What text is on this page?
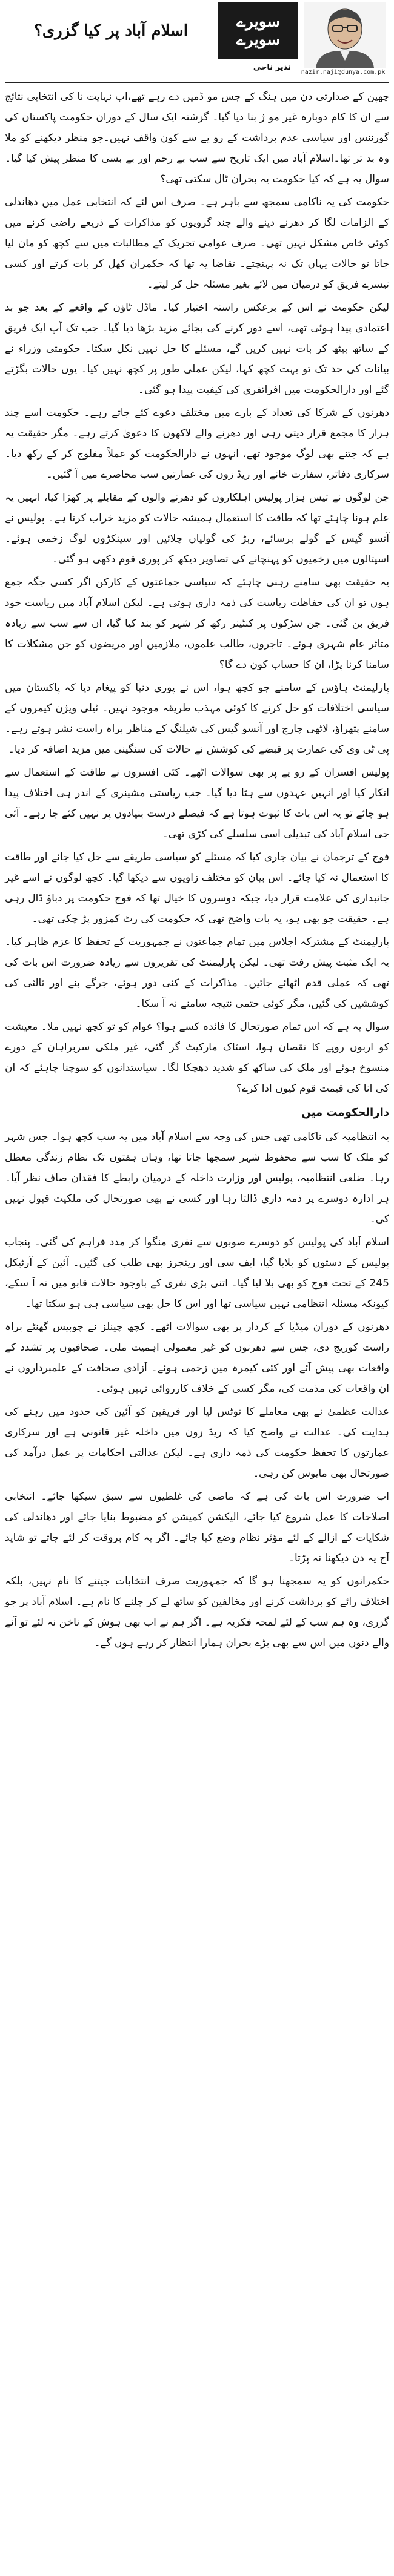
nazir.naji@dunya.com.pk
سویرے
سویرے
نذیر ناجی
اسلام آباد پر کیا گزری؟

چھپن کے صدارتی دن میں ہنگ کے جس مو ڈمیں دے رہے تھے،اب نہایت نا کی انتخابی نتائج سے ان کا کام دوبارہ غیر مو ژ بنا دیا گیا۔ گزشتہ ایک سال کے دوران حکومت پاکستان کی گورننس اور سیاسی عدم برداشت کے رو یے سے کون واقف نہیں۔جو منظر دیکھنے کو ملا وہ بد تر تھا۔اسلام آباد میں ایک تاریخ سے سب بے رحم اور بے بسی کا منظر پیش کیا گیا۔سوال یہ ہے کہ کیا حکومت یہ بحران ٹال سکتی تھی؟

حکومت کی یہ ناکامی سمجھ سے باہر ہے۔ صرف اس لئے کہ انتخابی عمل میں دھاندلی کے الزامات لگا کر دھرنے دینے والے چند گروپوں کو مذاکرات کے ذریعے راضی کرنے میں کوئی خاص مشکل نہیں تھی۔ صرف عوامی تحریک کے مطالبات میں سے کچھ کو مان لیا جاتا تو حالات یہاں تک نہ پہنچتے۔ تقاضا یہ تھا کہ حکمران کھل کر بات کرتے اور کسی تیسرے فریق کو درمیان میں لائے بغیر مسئلہ حل کر لیتے۔

لیکن حکومت نے اس کے برعکس راستہ اختیار کیا۔ ماڈل ٹاؤن کے واقعے کے بعد جو بد اعتمادی پیدا ہوئی تھی، اسے دور کرنے کی بجائے مزید بڑھا دیا گیا۔ جب تک آپ ایک فریق کے ساتھ بیٹھ کر بات نہیں کریں گے، مسئلے کا حل نہیں نکل سکتا۔ حکومتی وزراء نے بیانات کی حد تک تو بہت کچھ کہا، لیکن عملی طور پر کچھ نہیں کیا۔ یوں حالات بگڑتے گئے اور دارالحکومت میں افراتفری کی کیفیت پیدا ہو گئی۔

دھرنوں کے شرکا کی تعداد کے بارے میں مختلف دعوے کئے جاتے رہے۔ حکومت اسے چند ہزار کا مجمع قرار دیتی رہی اور دھرنے والے لاکھوں کا دعویٰ کرتے رہے۔ مگر حقیقت یہ ہے کہ جتنے بھی لوگ موجود تھے، انہوں نے دارالحکومت کو عملاً مفلوج کر کے رکھ دیا۔ سرکاری دفاتر، سفارت خانے اور ریڈ زون کی عمارتیں سب محاصرے میں آ گئیں۔

جن لوگوں نے تیس ہزار پولیس اہلکاروں کو دھرنے والوں کے مقابلے پر کھڑا کیا، انہیں یہ علم ہونا چاہئے تھا کہ طاقت کا استعمال ہمیشہ حالات کو مزید خراب کرتا ہے۔ پولیس نے آنسو گیس کے گولے برسائے، ربڑ کی گولیاں چلائیں اور سینکڑوں لوگ زخمی ہوئے۔ اسپتالوں میں زخمیوں کو پہنچانے کی تصاویر دیکھ کر پوری قوم دکھی ہو گئی۔

یہ حقیقت بھی سامنے رہنی چاہئے کہ سیاسی جماعتوں کے کارکن اگر کسی جگہ جمع ہوں تو ان کی حفاظت ریاست کی ذمہ داری ہوتی ہے۔ لیکن اسلام آباد میں ریاست خود فریق بن گئی۔ جن سڑکوں پر کنٹینر رکھ کر شہر کو بند کیا گیا، ان سے سب سے زیادہ متاثر عام شہری ہوئے۔ تاجروں، طالب علموں، ملازمین اور مریضوں کو جن مشکلات کا سامنا کرنا پڑا، ان کا حساب کون دے گا؟

پارلیمنٹ ہاؤس کے سامنے جو کچھ ہوا، اس نے پوری دنیا کو پیغام دیا کہ پاکستان میں سیاسی اختلافات کو حل کرنے کا کوئی مہذب طریقہ موجود نہیں۔ ٹیلی ویژن کیمروں کے سامنے پتھراؤ، لاٹھی چارج اور آنسو گیس کی شیلنگ کے مناظر براہ راست نشر ہوتے رہے۔ پی ٹی وی کی عمارت پر قبضے کی کوشش نے حالات کی سنگینی میں مزید اضافہ کر دیا۔

پولیس افسران کے رو یے پر بھی سوالات اٹھے۔ کئی افسروں نے طاقت کے استعمال سے انکار کیا اور انہیں عہدوں سے ہٹا دیا گیا۔ جب ریاستی مشینری کے اندر ہی اختلاف پیدا ہو جائے تو یہ اس بات کا ثبوت ہوتا ہے کہ فیصلے درست بنیادوں پر نہیں کئے جا رہے۔ آئی جی اسلام آباد کی تبدیلی اسی سلسلے کی کڑی تھی۔

فوج کے ترجمان نے بیان جاری کیا کہ مسئلے کو سیاسی طریقے سے حل کیا جائے اور طاقت کا استعمال نہ کیا جائے۔ اس بیان کو مختلف زاویوں سے دیکھا گیا۔ کچھ لوگوں نے اسے غیر جانبداری کی علامت قرار دیا، جبکہ دوسروں کا خیال تھا کہ فوج حکومت پر دباؤ ڈال رہی ہے۔ حقیقت جو بھی ہو، یہ بات واضح تھی کہ حکومت کی رٹ کمزور پڑ چکی تھی۔

پارلیمنٹ کے مشترکہ اجلاس میں تمام جماعتوں نے جمہوریت کے تحفظ کا عزم ظاہر کیا۔ یہ ایک مثبت پیش رفت تھی۔ لیکن پارلیمنٹ کی تقریروں سے زیادہ ضرورت اس بات کی تھی کہ عملی قدم اٹھائے جائیں۔ مذاکرات کے کئی دور ہوئے، جرگے بنے اور ثالثی کی کوششیں کی گئیں، مگر کوئی حتمی نتیجہ سامنے نہ آ سکا۔

سوال یہ ہے کہ اس تمام صورتحال کا فائدہ کسے ہوا؟ عوام کو تو کچھ نہیں ملا۔ معیشت کو اربوں روپے کا نقصان ہوا، اسٹاک مارکیٹ گر گئی، غیر ملکی سربراہان کے دورے منسوخ ہوئے اور ملک کی ساکھ کو شدید دھچکا لگا۔ سیاستدانوں کو سوچنا چاہئے کہ ان کی انا کی قیمت قوم کیوں ادا کرے؟

دارالحکومت میں

یہ انتظامیہ کی ناکامی تھی جس کی وجہ سے اسلام آباد میں یہ سب کچھ ہوا۔ جس شہر کو ملک کا سب سے محفوظ شہر سمجھا جاتا تھا، وہاں ہفتوں تک نظام زندگی معطل رہا۔ ضلعی انتظامیہ، پولیس اور وزارت داخلہ کے درمیان رابطے کا فقدان صاف نظر آیا۔ ہر ادارہ دوسرے پر ذمہ داری ڈالتا رہا اور کسی نے بھی صورتحال کی ملکیت قبول نہیں کی۔

اسلام آباد کی پولیس کو دوسرے صوبوں سے نفری منگوا کر مدد فراہم کی گئی۔ پنجاب پولیس کے دستوں کو بلایا گیا، ایف سی اور رینجرز بھی طلب کی گئیں۔ آئین کے آرٹیکل 245 کے تحت فوج کو بھی بلا لیا گیا۔ اتنی بڑی نفری کے باوجود حالات قابو میں نہ آ سکے، کیونکہ مسئلہ انتظامی نہیں سیاسی تھا اور اس کا حل بھی سیاسی ہی ہو سکتا تھا۔

دھرنوں کے دوران میڈیا کے کردار پر بھی سوالات اٹھے۔ کچھ چینلز نے چوبیس گھنٹے براہ راست کوریج دی، جس سے دھرنوں کو غیر معمولی اہمیت ملی۔ صحافیوں پر تشدد کے واقعات بھی پیش آئے اور کئی کیمرہ مین زخمی ہوئے۔ آزادی صحافت کے علمبرداروں نے ان واقعات کی مذمت کی، مگر کسی کے خلاف کارروائی نہیں ہوئی۔

عدالت عظمیٰ نے بھی معاملے کا نوٹس لیا اور فریقین کو آئین کی حدود میں رہنے کی ہدایت کی۔ عدالت نے واضح کیا کہ ریڈ زون میں داخلہ غیر قانونی ہے اور سرکاری عمارتوں کا تحفظ حکومت کی ذمہ داری ہے۔ لیکن عدالتی احکامات پر عمل درآمد کی صورتحال بھی مایوس کن رہی۔

اب ضرورت اس بات کی ہے کہ ماضی کی غلطیوں سے سبق سیکھا جائے۔ انتخابی اصلاحات کا عمل شروع کیا جائے، الیکشن کمیشن کو مضبوط بنایا جائے اور دھاندلی کی شکایات کے ازالے کے لئے مؤثر نظام وضع کیا جائے۔ اگر یہ کام بروقت کر لئے جاتے تو شاید آج یہ دن دیکھنا نہ پڑتا۔

حکمرانوں کو یہ سمجھنا ہو گا کہ جمہوریت صرف انتخابات جیتنے کا نام نہیں، بلکہ اختلاف رائے کو برداشت کرنے اور مخالفین کو ساتھ لے کر چلنے کا نام ہے۔ اسلام آباد پر جو گزری، وہ ہم سب کے لئے لمحہ فکریہ ہے۔ اگر ہم نے اب بھی ہوش کے ناخن نہ لئے تو آنے والے دنوں میں اس سے بھی بڑے بحران ہمارا انتظار کر رہے ہوں گے۔
